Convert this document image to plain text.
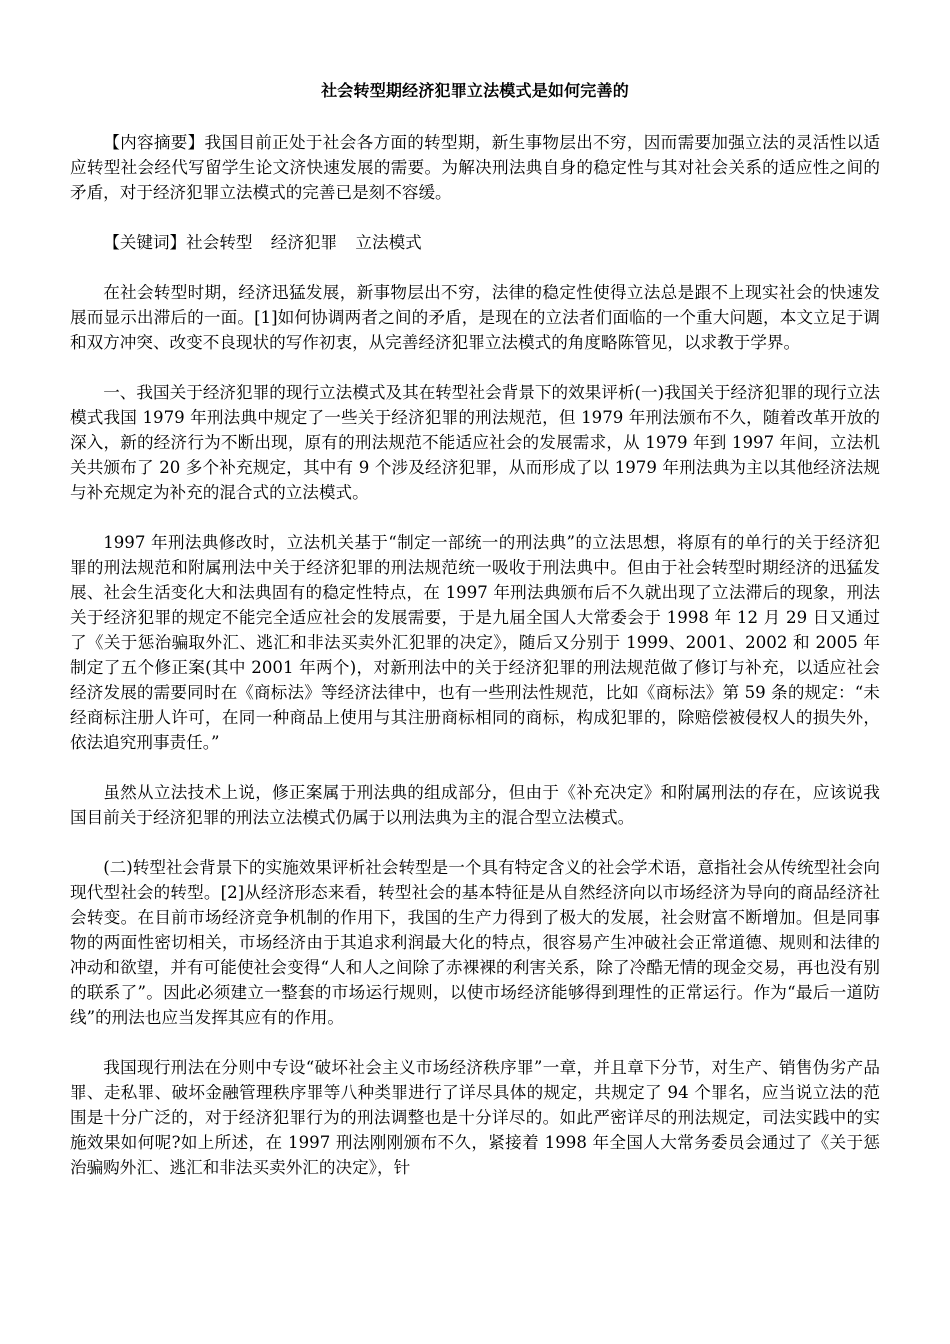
社会转型期经济犯罪立法模式是如何完善的

【内容摘要】我国目前正处于社会各方面的转型期，新生事物层出不穷，因而需要加强立法的灵活性以适应转型社会经代写留学生论文济快速发展的需要。为解决刑法典自身的稳定性与其对社会关系的适应性之间的矛盾，对于经济犯罪立法模式的完善已是刻不容缓。

【关键词】社会转型 经济犯罪 立法模式

在社会转型时期，经济迅猛发展，新事物层出不穷，法律的稳定性使得立法总是跟不上现实社会的快速发展而显示出滞后的一面。[1]如何协调两者之间的矛盾，是现在的立法者们面临的一个重大问题，本文立足于调和双方冲突、改变不良现状的写作初衷，从完善经济犯罪立法模式的角度略陈管见，以求教于学界。

一、我国关于经济犯罪的现行立法模式及其在转型社会背景下的效果评析(一)我国关于经济犯罪的现行立法模式我国 1979 年刑法典中规定了一些关于经济犯罪的刑法规范，但 1979 年刑法颁布不久，随着改革开放的深入，新的经济行为不断出现，原有的刑法规范不能适应社会的发展需求，从 1979 年到 1997 年间，立法机关共颁布了 20 多个补充规定，其中有 9 个涉及经济犯罪，从而形成了以 1979 年刑法典为主以其他经济法规与补充规定为补充的混合式的立法模式。

1997 年刑法典修改时，立法机关基于“制定一部统一的刑法典”的立法思想，将原有的单行的关于经济犯罪的刑法规范和附属刑法中关于经济犯罪的刑法规范统一吸收于刑法典中。但由于社会转型时期经济的迅猛发展、社会生活变化大和法典固有的稳定性特点，在 1997 年刑法典颁布后不久就出现了立法滞后的现象，刑法关于经济犯罪的规定不能完全适应社会的发展需要，于是九届全国人大常委会于 1998 年 12 月 29 日又通过了《关于惩治骗取外汇、逃汇和非法买卖外汇犯罪的决定》，随后又分别于 1999、2001、2002 和 2005 年制定了五个修正案(其中 2001 年两个)，对新刑法中的关于经济犯罪的刑法规范做了修订与补充，以适应社会经济发展的需要同时在《商标法》等经济法律中，也有一些刑法性规范，比如《商标法》第 59 条的规定：“未经商标注册人许可，在同一种商品上使用与其注册商标相同的商标，构成犯罪的，除赔偿被侵权人的损失外，依法追究刑事责任。”

虽然从立法技术上说，修正案属于刑法典的组成部分，但由于《补充决定》和附属刑法的存在，应该说我国目前关于经济犯罪的刑法立法模式仍属于以刑法典为主的混合型立法模式。

(二)转型社会背景下的实施效果评析社会转型是一个具有特定含义的社会学术语，意指社会从传统型社会向现代型社会的转型。[2]从经济形态来看，转型社会的基本特征是从自然经济向以市场经济为导向的商品经济社会转变。在目前市场经济竞争机制的作用下，我国的生产力得到了极大的发展，社会财富不断增加。但是同事物的两面性密切相关，市场经济由于其追求利润最大化的特点，很容易产生冲破社会正常道德、规则和法律的冲动和欲望，并有可能使社会变得“人和人之间除了赤裸裸的利害关系，除了冷酷无情的现金交易，再也没有别的联系了”。因此必须建立一整套的市场运行规则，以使市场经济能够得到理性的正常运行。作为“最后一道防线”的刑法也应当发挥其应有的作用。

我国现行刑法在分则中专设“破坏社会主义市场经济秩序罪”一章，并且章下分节，对生产、销售伪劣产品罪、走私罪、破坏金融管理秩序罪等八种类罪进行了详尽具体的规定，共规定了 94 个罪名，应当说立法的范围是十分广泛的，对于经济犯罪行为的刑法调整也是十分详尽的。如此严密详尽的刑法规定，司法实践中的实施效果如何呢?如上所述，在 1997 刑法刚刚颁布不久，紧接着 1998 年全国人大常务委员会通过了《关于惩治骗购外汇、逃汇和非法买卖外汇的决定》，针
